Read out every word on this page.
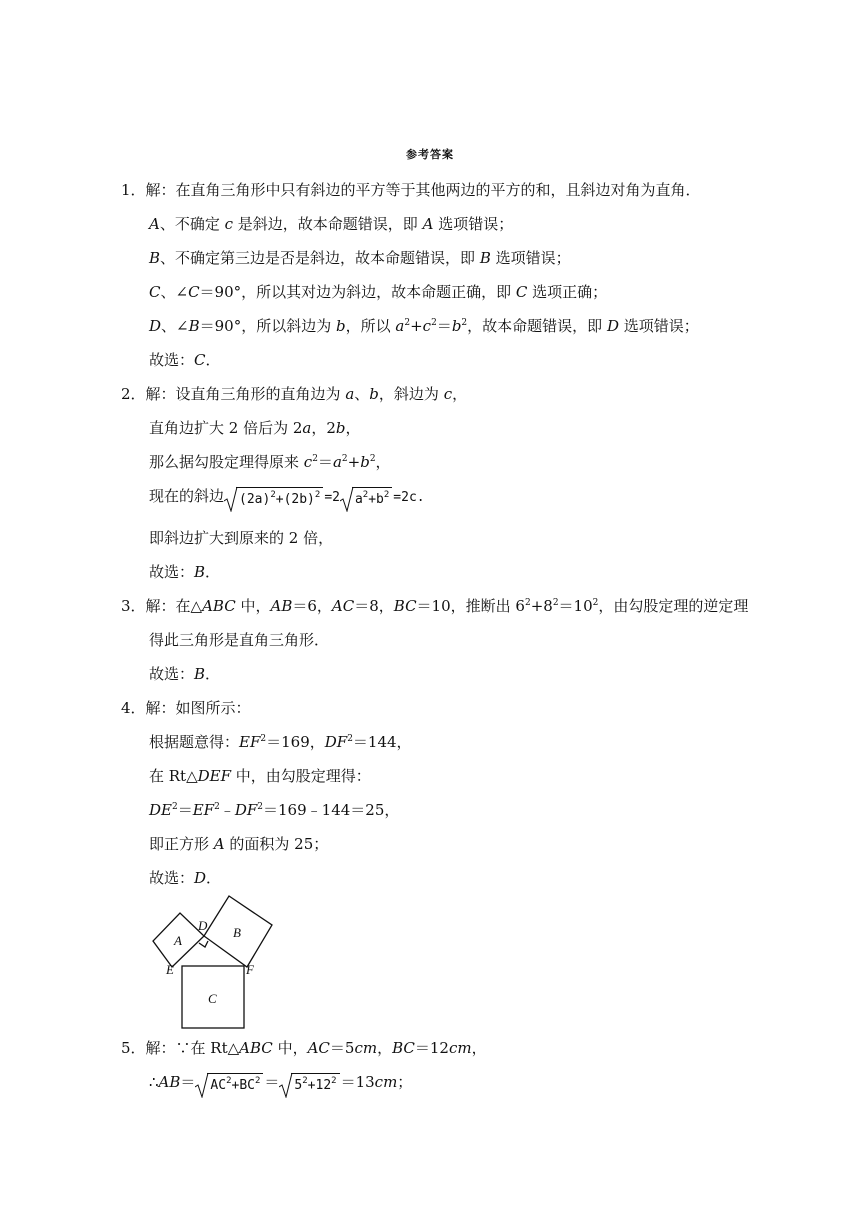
参考答案
1．解：在直角三角形中只有斜边的平方等于其他两边的平方的和，且斜边对角为直角．
A、不确定 c 是斜边，故本命题错误，即 A 选项错误；
B、不确定第三边是否是斜边，故本命题错误，即 B 选项错误；
C、∠C＝90°，所以其对边为斜边，故本命题正确，即 C 选项正确；
D、∠B＝90°，所以斜边为 b，所以 $a^2+c^2=b^2$，故本命题错误，即 D 选项错误；
故选：C．
2．解：设直角三角形的直角边为 a、b，斜边为 c，
直角边扩大 2 倍后为 2a，2b，
那么据勾股定理得原来 $c^2=a^2+b^2$，
现在的斜边 $(2a)^2+(2b)^2 =2$ $a^2+b^2 =2c$.
即斜边扩大到原来的 2 倍，
故选：B．
3．解：在△ABC 中，AB＝6，AC＝8，BC＝10，推断出 $6^2+8^2=10^2$，由勾股定理的逆定理
得此三角形是直角三角形．
故选：B．
4．解：如图所示：
根据题意得：$EF^2=169$，$DF^2=144$，
在 Rt△DEF 中，由勾股定理得：
$DE^2=EF^2﹣DF^2=169﹣144=25$，
即正方形 A 的面积为 25；
故选：D．
A
B
C
D
E	F
5．解：∵在 Rt△ABC 中，AC＝5cm，BC＝12cm，
∴AB＝ $AC^2+BC^2 = 5^2+12^2 =13cm$；
